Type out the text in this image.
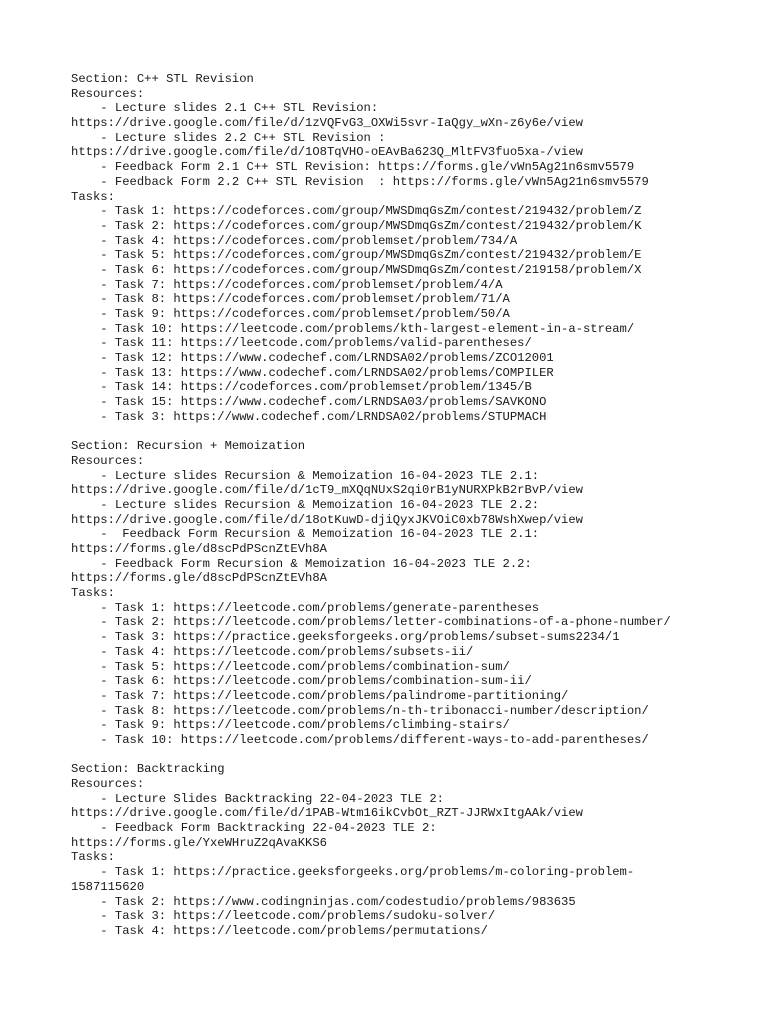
Section: C++ STL Revision
Resources:
- Lecture slides 2.1 C++ STL Revision:
https://drive.google.com/file/d/1zVQFvG3_OXWi5svr-IaQgy_wXn-z6y6e/view
- Lecture slides 2.2 C++ STL Revision :
https://drive.google.com/file/d/1O8TqVHO-oEAvBa623Q_MltFV3fuo5xa-/view
- Feedback Form 2.1 C++ STL Revision: https://forms.gle/vWn5Ag21n6smv5579
- Feedback Form 2.2 C++ STL Revision  : https://forms.gle/vWn5Ag21n6smv5579
Tasks:
- Task 1: https://codeforces.com/group/MWSDmqGsZm/contest/219432/problem/Z
- Task 2: https://codeforces.com/group/MWSDmqGsZm/contest/219432/problem/K
- Task 4: https://codeforces.com/problemset/problem/734/A
- Task 5: https://codeforces.com/group/MWSDmqGsZm/contest/219432/problem/E
- Task 6: https://codeforces.com/group/MWSDmqGsZm/contest/219158/problem/X
- Task 7: https://codeforces.com/problemset/problem/4/A
- Task 8: https://codeforces.com/problemset/problem/71/A
- Task 9: https://codeforces.com/problemset/problem/50/A
- Task 10: https://leetcode.com/problems/kth-largest-element-in-a-stream/
- Task 11: https://leetcode.com/problems/valid-parentheses/
- Task 12: https://www.codechef.com/LRNDSA02/problems/ZCO12001
- Task 13: https://www.codechef.com/LRNDSA02/problems/COMPILER
- Task 14: https://codeforces.com/problemset/problem/1345/B
- Task 15: https://www.codechef.com/LRNDSA03/problems/SAVKONO
- Task 3: https://www.codechef.com/LRNDSA02/problems/STUPMACH
Section: Recursion + Memoization
Resources:
- Lecture slides Recursion & Memoization 16-04-2023 TLE 2.1:
https://drive.google.com/file/d/1cT9_mXQqNUxS2qi0rB1yNURXPkB2rBvP/view
- Lecture slides Recursion & Memoization 16-04-2023 TLE 2.2:
https://drive.google.com/file/d/18otKuwD-djiQyxJKVOiC0xb78WshXwep/view
-  Feedback Form Recursion & Memoization 16-04-2023 TLE 2.1:
https://forms.gle/d8scPdPScnZtEVh8A
- Feedback Form Recursion & Memoization 16-04-2023 TLE 2.2:
https://forms.gle/d8scPdPScnZtEVh8A
Tasks:
- Task 1: https://leetcode.com/problems/generate-parentheses
- Task 2: https://leetcode.com/problems/letter-combinations-of-a-phone-number/
- Task 3: https://practice.geeksforgeeks.org/problems/subset-sums2234/1
- Task 4: https://leetcode.com/problems/subsets-ii/
- Task 5: https://leetcode.com/problems/combination-sum/
- Task 6: https://leetcode.com/problems/combination-sum-ii/
- Task 7: https://leetcode.com/problems/palindrome-partitioning/
- Task 8: https://leetcode.com/problems/n-th-tribonacci-number/description/
- Task 9: https://leetcode.com/problems/climbing-stairs/
- Task 10: https://leetcode.com/problems/different-ways-to-add-parentheses/
Section: Backtracking
Resources:
- Lecture Slides Backtracking 22-04-2023 TLE 2:
https://drive.google.com/file/d/1PAB-Wtm16ikCvbOt_RZT-JJRWxItgAAk/view
- Feedback Form Backtracking 22-04-2023 TLE 2:
https://forms.gle/YxeWHruZ2qAvaKKS6
Tasks:
- Task 1: https://practice.geeksforgeeks.org/problems/m-coloring-problem-
1587115620
- Task 2: https://www.codingninjas.com/codestudio/problems/983635
- Task 3: https://leetcode.com/problems/sudoku-solver/
- Task 4: https://leetcode.com/problems/permutations/
